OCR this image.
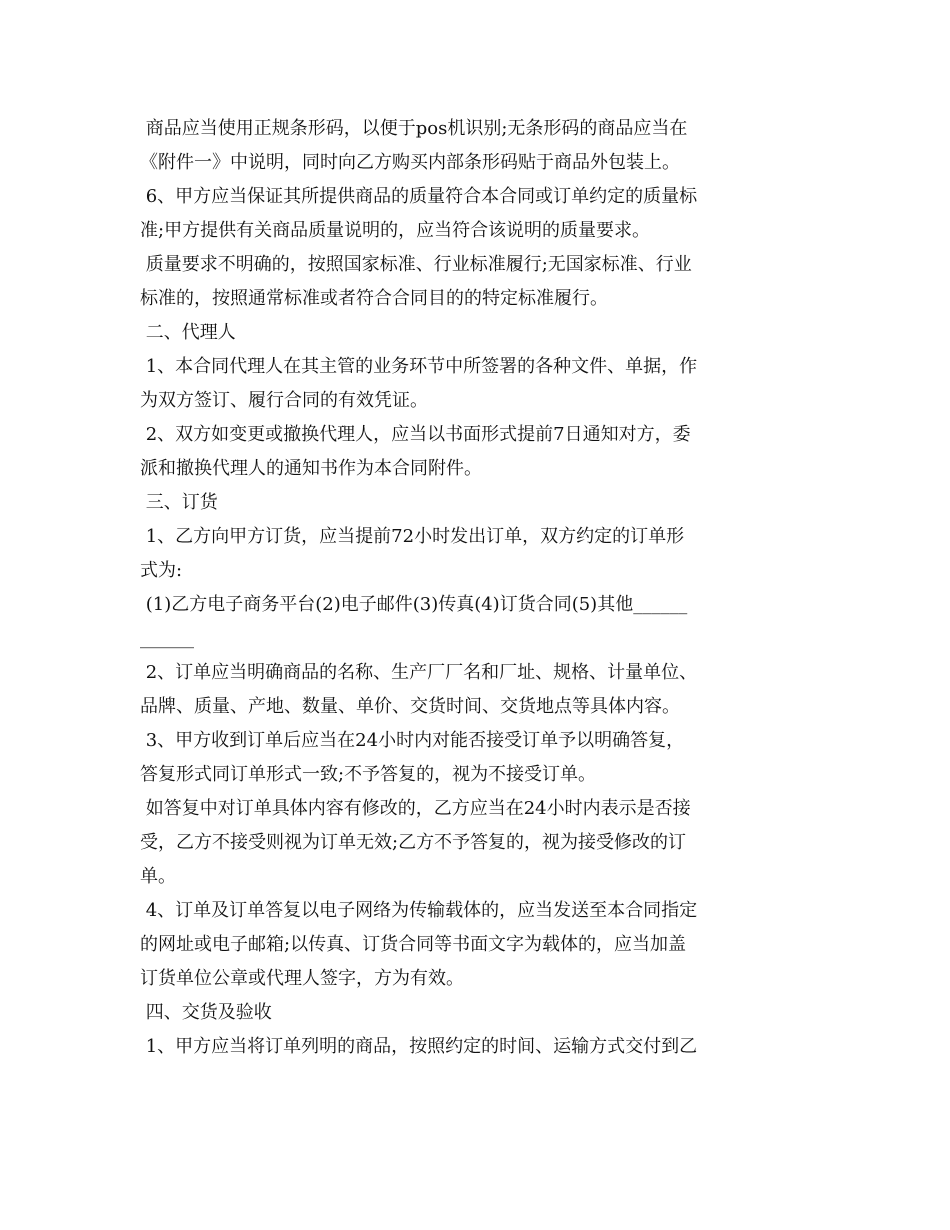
商品应当使用正规条形码，以便于pos机识别;无条形码的商品应当在
《附件一》中说明，同时向乙方购买内部条形码贴于商品外包装上。
6、甲方应当保证其所提供商品的质量符合本合同或订单约定的质量标
准;甲方提供有关商品质量说明的，应当符合该说明的质量要求。
质量要求不明确的，按照国家标准、行业标准履行;无国家标准、行业
标准的，按照通常标准或者符合合同目的的特定标准履行。
二、代理人
1、本合同代理人在其主管的业务环节中所签署的各种文件、单据，作
为双方签订、履行合同的有效凭证。
2、双方如变更或撤换代理人，应当以书面形式提前7日通知对方，委
派和撤换代理人的通知书作为本合同附件。
三、订货
1、乙方向甲方订货，应当提前72小时发出订单，双方约定的订单形
式为:
(1)乙方电子商务平台(2)电子邮件(3)传真(4)订货合同(5)其他______
______
2、订单应当明确商品的名称、生产厂厂名和厂址、规格、计量单位、
品牌、质量、产地、数量、单价、交货时间、交货地点等具体内容。
3、甲方收到订单后应当在24小时内对能否接受订单予以明确答复，
答复形式同订单形式一致;不予答复的，视为不接受订单。
如答复中对订单具体内容有修改的，乙方应当在24小时内表示是否接
受，乙方不接受则视为订单无效;乙方不予答复的，视为接受修改的订
单。
4、订单及订单答复以电子网络为传输载体的，应当发送至本合同指定
的网址或电子邮箱;以传真、订货合同等书面文字为载体的，应当加盖
订货单位公章或代理人签字，方为有效。
四、交货及验收
1、甲方应当将订单列明的商品，按照约定的时间、运输方式交付到乙
